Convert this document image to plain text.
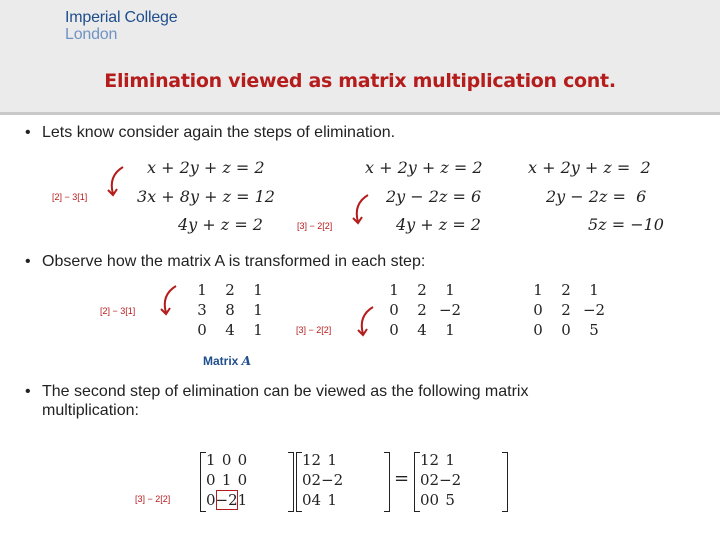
Imperial College
London
Elimination viewed as matrix multiplication cont.
• Lets know consider again the steps of elimination.
x + 2y + z = 2
3x + 8y + z = 12
4y + z = 2
[2] − 3[1]
x + 2y + z = 2
2y − 2z = 6
4y + z = 2
[3] − 2[2]
x + 2y + z =  2
2y − 2z =  6
5z = −10
• Observe how the matrix A is transformed in each step:
1	2	1
3	8	1
0	4	1
[2] − 3[1]
1	2	1
0	2	−2
0	4	1
[3] − 2[2]
1	2	1
0	2	−2
0	0	5
Matrix A
• The second step of elimination can be viewed as the following matrix
multiplication:
[3] − 2[2]
1	0	0
0	1	0
0	−2	1
1	2	1
0	2	−2
0	4	1
=
1	2	1
0	2	−2
0	0	5
